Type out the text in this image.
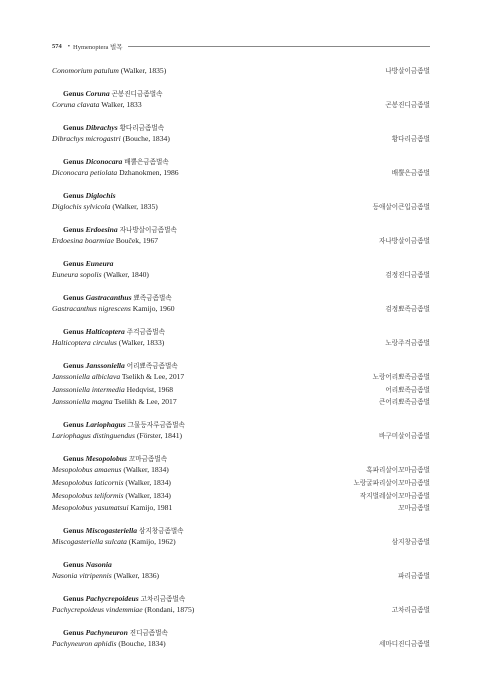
574 • Hymenoptera 벌목
Conomorium patulum (Walker, 1835)	나방살이금좀벌
Genus Coruna 곤봉진디금좀벌속
Coruna clavata Walker, 1833	곤봉진디금좀벌
Genus Dibrachys 황다리금좀벌속
Dibrachys microgastri (Bouche, 1834)	황다리금좀벌
Genus Diconocara 배뿔은금좀벌속
Diconocara petiolata Dzhanokmen, 1986	배뿔은금좀벌
Genus Diglochis
Diglochis sylvicola (Walker, 1835)	등애살이큰입금좀벌
Genus Erdoesina 자나방살이금좀벌속
Erdoesina boarmiae Bouček, 1967	자나방살이금좀벌
Genus Euneura
Euneura sopolis (Walker, 1840)	검정진디금좀벌
Genus Gastracanthus 뾰족금좀벌속
Gastracanthus nigrescens Kamijo, 1960	검정뾰족금좀벌
Genus Halticoptera 주걱금좀벌속
Halticoptera circulus (Walker, 1833)	노랑주걱금좀벌
Genus Janssoniella 어리뾰족금좀벌속
Janssoniella albiclava Tselikh & Lee, 2017	노랑어리뾰족금좀벌
Janssoniella intermedia Hedqvist, 1968	어리뾰족금좀벌
Janssoniella magna Tselikh & Lee, 2017	큰어리뾰족금좀벌
Genus Lariophagus 그물등자루금좀벌속
Lariophagus distinguendus (Förster, 1841)	바구미살이금좀벌
Genus Mesopolobus 꼬마금좀벌속
Mesopolobus amaenus (Walker, 1834)	혹파리살이꼬마금좀벌
Mesopolobus laticornis (Walker, 1834)	노랑굴파리살이꼬마금좀벌
Mesopolobus teliformis (Walker, 1834)	작지벌레살이꼬마금좀벌
Mesopolobus yasumatsui Kamijo, 1981	꼬마금좀벌
Genus Miscogasteriella 삼지창금좀벌속
Miscogasteriella sulcata (Kamijo, 1962)	삼지창금좀벌
Genus Nasonia
Nasonia vitripennis (Walker, 1836)	파리금좀벌
Genus Pachycrepoideus 고차리금좀벌속
Pachycrepoideus vindemmiae (Rondani, 1875)	고차리금좀벌
Genus Pachyneuron 진디금좀벌속
Pachyneuron aphidis (Bouche, 1834)	세마디진디금좀벌
